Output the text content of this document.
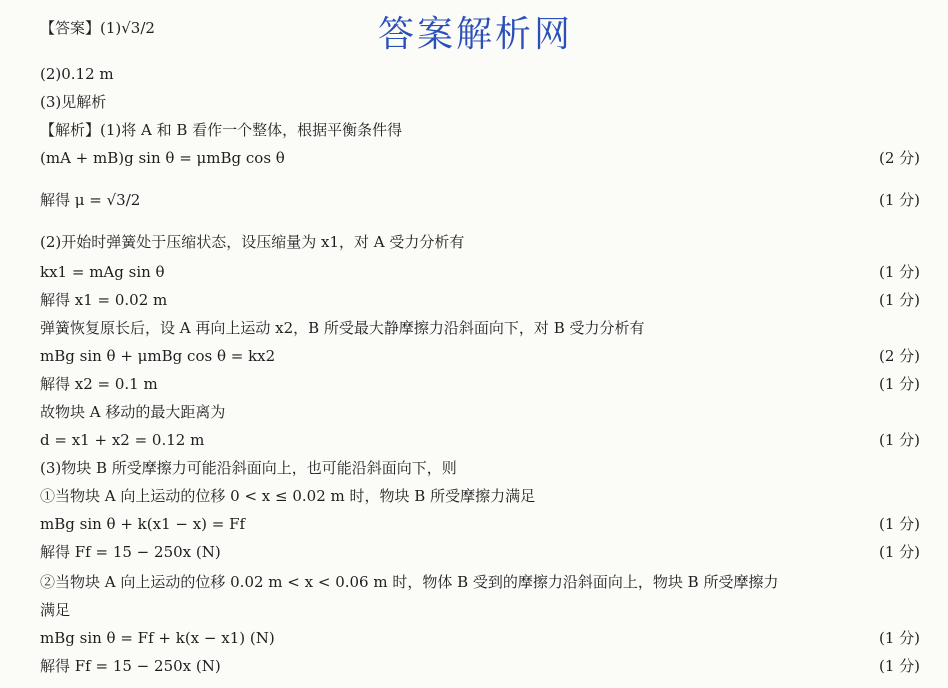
答案解析网
【答案】(1)√3/2
(2)0.12 m
(3)见解析
【解析】(1)将 A 和 B 看作一个整体，根据平衡条件得
(mA + mB)g sin θ = μmBg cos θ	(2 分)
解得 μ = √3/2	(1 分)
(2)开始时弹簧处于压缩状态，设压缩量为 x1，对 A 受力分析有
kx1 = mAg sin θ	(1 分)
解得 x1 = 0.02 m	(1 分)
弹簧恢复原长后，设 A 再向上运动 x2，B 所受最大静摩擦力沿斜面向下，对 B 受力分析有
mBg sin θ + μmBg cos θ = kx2	(2 分)
解得 x2 = 0.1 m	(1 分)
故物块 A 移动的最大距离为
d = x1 + x2 = 0.12 m	(1 分)
(3)物块 B 所受摩擦力可能沿斜面向上，也可能沿斜面向下，则
①当物块 A 向上运动的位移 0 < x ≤ 0.02 m 时，物块 B 所受摩擦力满足
mBg sin θ + k(x1 − x) = Ff	(1 分)
解得 Ff = 15 − 250x (N)	(1 分)
②当物块 A 向上运动的位移 0.02 m < x < 0.06 m 时，物体 B 受到的摩擦力沿斜面向上，物块 B 所受摩擦力
满足
mBg sin θ = Ff + k(x − x1) (N)	(1 分)
解得 Ff = 15 − 250x (N)	(1 分)
